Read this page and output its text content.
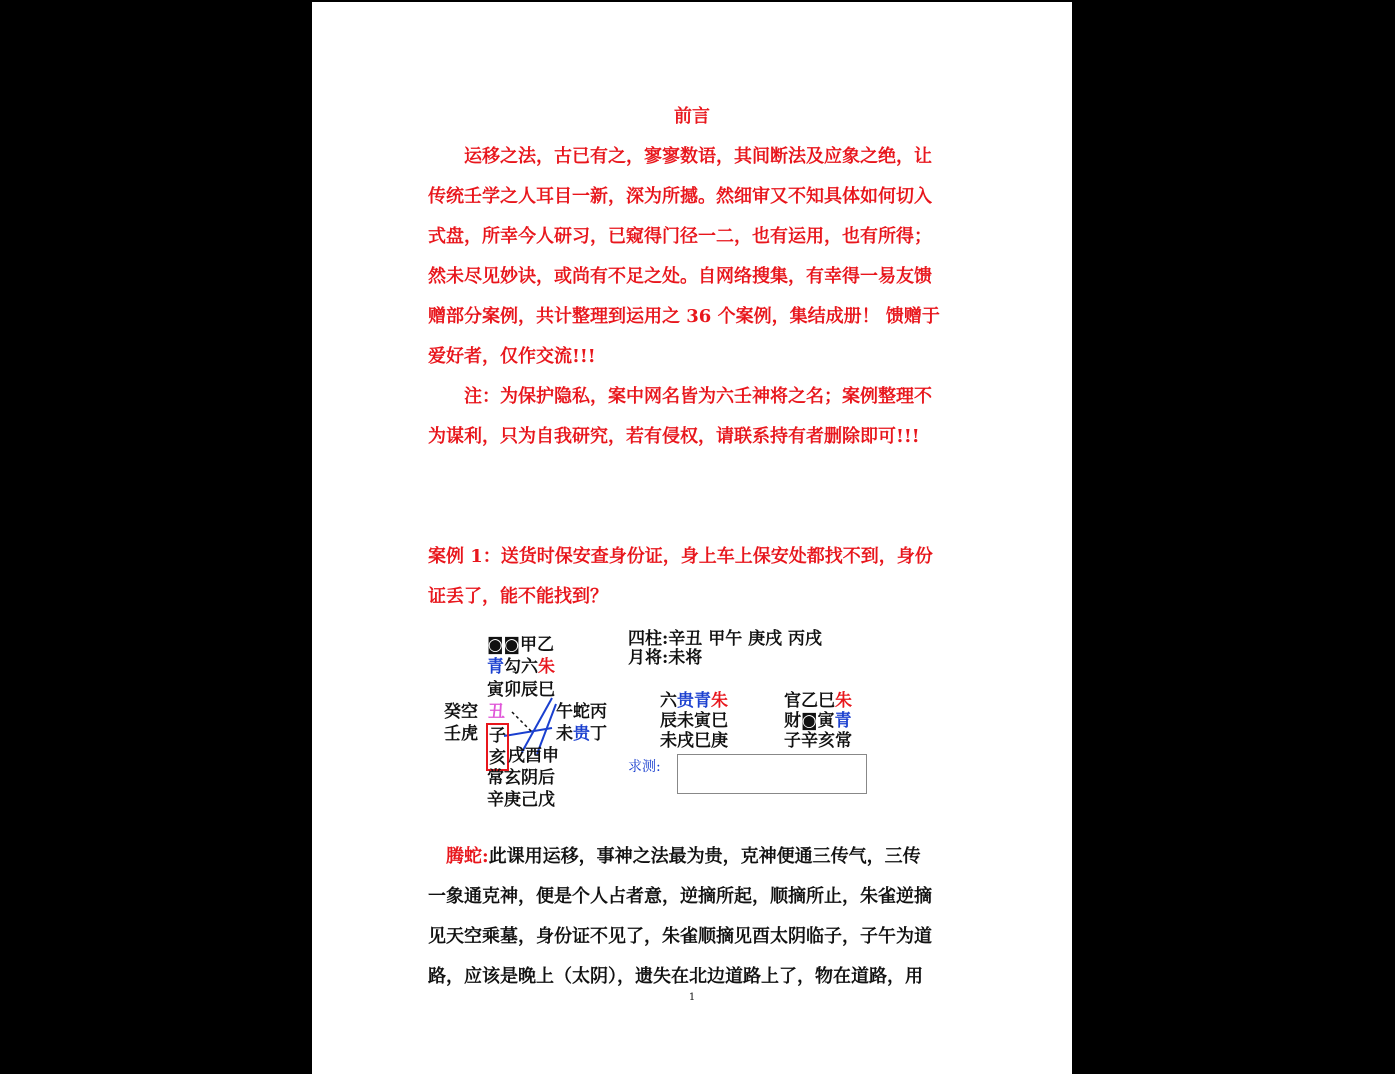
前言
运移之法，古已有之，寥寥数语，其间断法及应象之绝，让
传统壬学之人耳目一新，深为所撼。然细审又不知具体如何切入
式盘，所幸今人研习，已窥得门径一二，也有运用，也有所得；
然未尽见妙诀，或尚有不足之处。自网络搜集，有幸得一易友馈
赠部分案例，共计整理到运用之 36 个案例，集结成册！ 馈赠于
爱好者，仅作交流!!!
注：为保护隐私，案中网名皆为六壬神将之名；案例整理不
为谋利，只为自我研究，若有侵权，请联系持有者删除即可!!!
案例 1：送货时保安查身份证，身上车上保安处都找不到，身份
证丢了，能不能找到？
◙◙甲乙
青勾六朱
寅卯辰巳
癸空
壬虎
丑
子
亥
午蛇丙
未贵丁
戌酉申
常玄阴后
辛庚己戊
四柱:辛丑 甲午 庚戌 丙戌
月将:未将
六贵青朱
辰未寅巳
未戌巳庚
官乙巳朱
财◙寅青
子辛亥常
求测:
腾蛇:此课用运移，事神之法最为贵，克神便通三传气，三传
一象通克神，便是个人占者意，逆摘所起，顺摘所止，朱雀逆摘
见天空乘墓，身份证不见了，朱雀顺摘见酉太阴临子，子午为道
路，应该是晚上（太阴），遗失在北边道路上了，物在道路，用
1
